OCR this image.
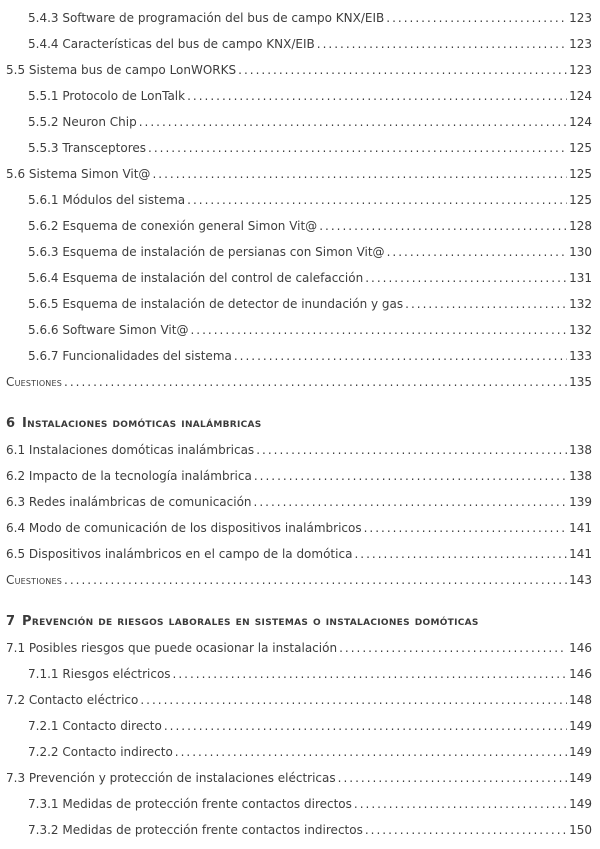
5.4.3 Software de programación del bus de campo KNX/EIB .....	123
5.4.4 Características del bus de campo KNX/EIB .....	123
5.5 Sistema bus de campo LonWORKS .....	123
5.5.1 Protocolo de LonTalk .....	124
5.5.2 Neuron Chip .....	124
5.5.3 Transceptores .....	125
5.6 Sistema Simon Vit@ .....	125
5.6.1 Módulos del sistema .....	125
5.6.2 Esquema de conexión general Simon Vit@ .....	128
5.6.3 Esquema de instalación de persianas con Simon Vit@ .....	130
5.6.4 Esquema de instalación del control de calefacción .....	131
5.6.5 Esquema de instalación de detector de inundación y gas .....	132
5.6.6 Software Simon Vit@ .....	132
5.6.7 Funcionalidades del sistema .....	133
Cuestiones .....	135
6 Instalaciones domóticas inalámbricas
6.1 Instalaciones domóticas inalámbricas .....	138
6.2 Impacto de la tecnología inalámbrica .....	138
6.3 Redes inalámbricas de comunicación .....	139
6.4 Modo de comunicación de los dispositivos inalámbricos .....	141
6.5 Dispositivos inalámbricos en el campo de la domótica .....	141
Cuestiones .....	143
7 Prevención de riesgos laborales en sistemas o instalaciones domóticas
7.1 Posibles riesgos que puede ocasionar la instalación .....	146
7.1.1 Riesgos eléctricos .....	146
7.2 Contacto eléctrico .....	148
7.2.1 Contacto directo .....	149
7.2.2 Contacto indirecto .....	149
7.3 Prevención y protección de instalaciones eléctricas .....	149
7.3.1 Medidas de protección frente contactos directos .....	149
7.3.2 Medidas de protección frente contactos indirectos .....	150
